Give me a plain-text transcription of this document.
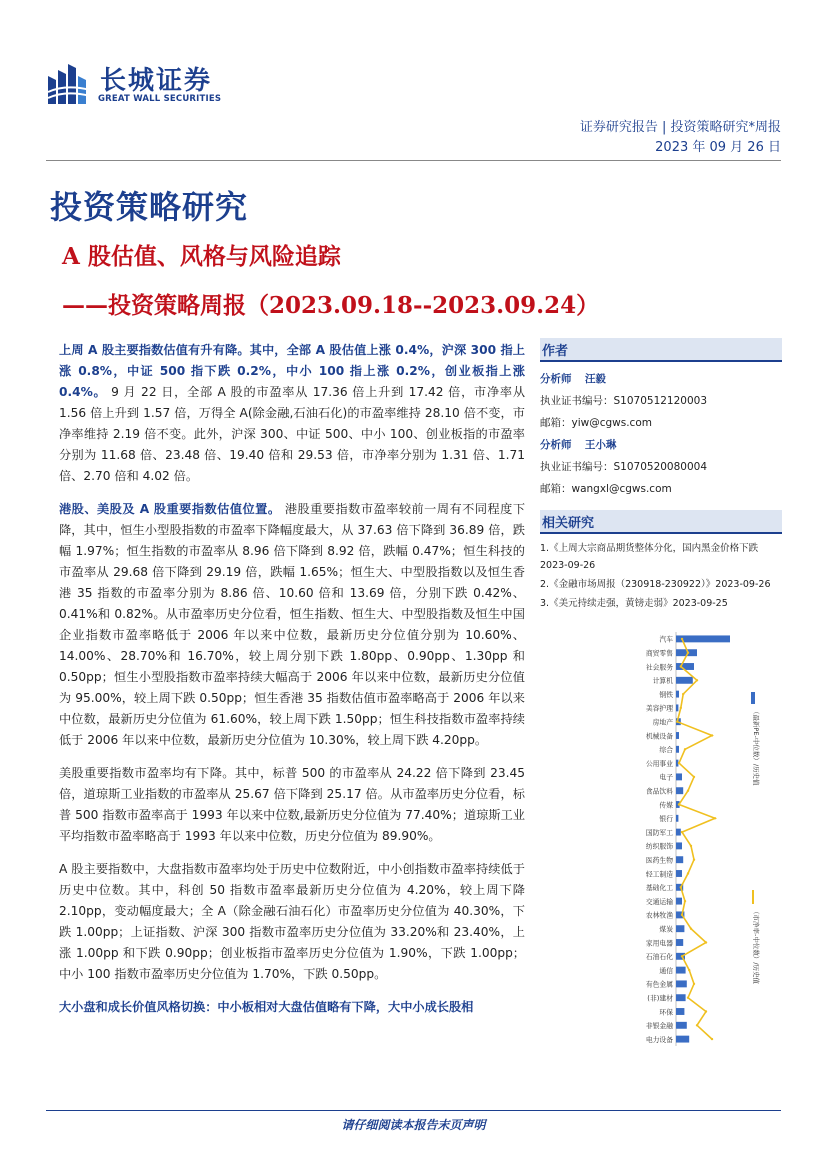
长城证券
GREAT WALL SECURITIES
证券研究报告 | 投资策略研究*周报
2023 年 09 月 26 日
投资策略研究
A 股估值、风格与风险追踪
——投资策略周报（2023.09.18--2023.09.24）

上周 A 股主要指数估值有升有降。其中，全部 A 股估值上涨 0.4%，沪深 300 指上涨 0.8%，中证 500 指下跌 0.2%，中小 100 指上涨 0.2%，创业板指上涨 0.4%。 9 月 22 日，全部 A 股的市盈率从 17.36 倍上升到 17.42 倍，市净率从 1.56 倍上升到 1.57 倍，万得全 A(除金融,石油石化)的市盈率维持 28.10 倍不变，市净率维持 2.19 倍不变。此外，沪深 300、中证 500、中小 100、创业板指的市盈率分别为 11.68 倍、23.48 倍、19.40 倍和 29.53 倍，市净率分别为 1.31 倍、1.71 倍、2.70 倍和 4.02 倍。

港股、美股及 A 股重要指数估值位置。 港股重要指数市盈率较前一周有不同程度下降，其中，恒生小型股指数的市盈率下降幅度最大，从 37.63 倍下降到 36.89 倍，跌幅 1.97%；恒生指数的市盈率从 8.96 倍下降到 8.92 倍，跌幅 0.47%；恒生科技的市盈率从 29.68 倍下降到 29.19 倍，跌幅 1.65%；恒生大、中型股指数以及恒生香港 35 指数的市盈率分别为 8.86 倍、10.60 倍和 13.69 倍，分别下跌 0.42%、0.41%和 0.82%。从市盈率历史分位看，恒生指数、恒生大、中型股指数及恒生中国企业指数市盈率略低于 2006 年以来中位数，最新历史分位值分别为 10.60%、14.00%、28.70%和 16.70%，较上周分别下跌 1.80pp、0.90pp、1.30pp 和 0.50pp；恒生小型股指数市盈率持续大幅高于 2006 年以来中位数，最新历史分位值为 95.00%，较上周下跌 0.50pp；恒生香港 35 指数估值市盈率略高于 2006 年以来中位数，最新历史分位值为 61.60%，较上周下跌 1.50pp；恒生科技指数市盈率持续低于 2006 年以来中位数，最新历史分位值为 10.30%，较上周下跌 4.20pp。

美股重要指数市盈率均有下降。其中，标普 500 的市盈率从 24.22 倍下降到 23.45 倍，道琼斯工业指数的市盈率从 25.67 倍下降到 25.17 倍。从市盈率历史分位看，标普 500 指数市盈率高于 1993 年以来中位数,最新历史分位值为 77.40%；道琼斯工业平均指数市盈率略高于 1993 年以来中位数，历史分位值为 89.90%。

A 股主要指数中，大盘指数市盈率均处于历史中位数附近，中小创指数市盈率持续低于历史中位数。其中，科创 50 指数市盈率最新历史分位值为 4.20%，较上周下降 2.10pp，变动幅度最大；全 A（除金融石油石化）市盈率历史分位值为 40.30%，下跌 1.00pp；上证指数、沪深 300 指数市盈率历史分位值为 33.20%和 23.40%，上涨 1.00pp 和下跌 0.90pp；创业板指市盈率历史分位值为 1.90%，下跌 1.00pp；中小 100 指数市盈率历史分位值为 1.70%，下跌 0.50pp。

大小盘和成长价值风格切换：中小板相对大盘估值略有下降，大中小成长股相

作者
分析师 汪毅
执业证书编号：S1070512120003
邮箱：yiw@cgws.com
分析师 王小琳
执业证书编号：S1070520080004
邮箱：wangxl@cgws.com
相关研究
1.《上周大宗商品期货整体分化，国内黑金价格下跌 2023-09-26
2.《金融市场周报（230918-230922）》2023-09-26
3.《美元持续走强，黄镑走弱》2023-09-25
汽车
商贸零售
社会服务
计算机
钢铁
美容护理
房地产
机械设备
综合
公用事业
电子
食品饮料
传媒
银行
国防军工
纺织服饰
医药生物
轻工制造
基础化工
交通运输
农林牧渔
煤炭
家用电器
石油石化
通信
有色金属
(非)建材
环保
非银金融
电力设备
（最新PE-中位数）/历史值
（市净率-中位数）/历史值
请仔细阅读本报告末页声明
